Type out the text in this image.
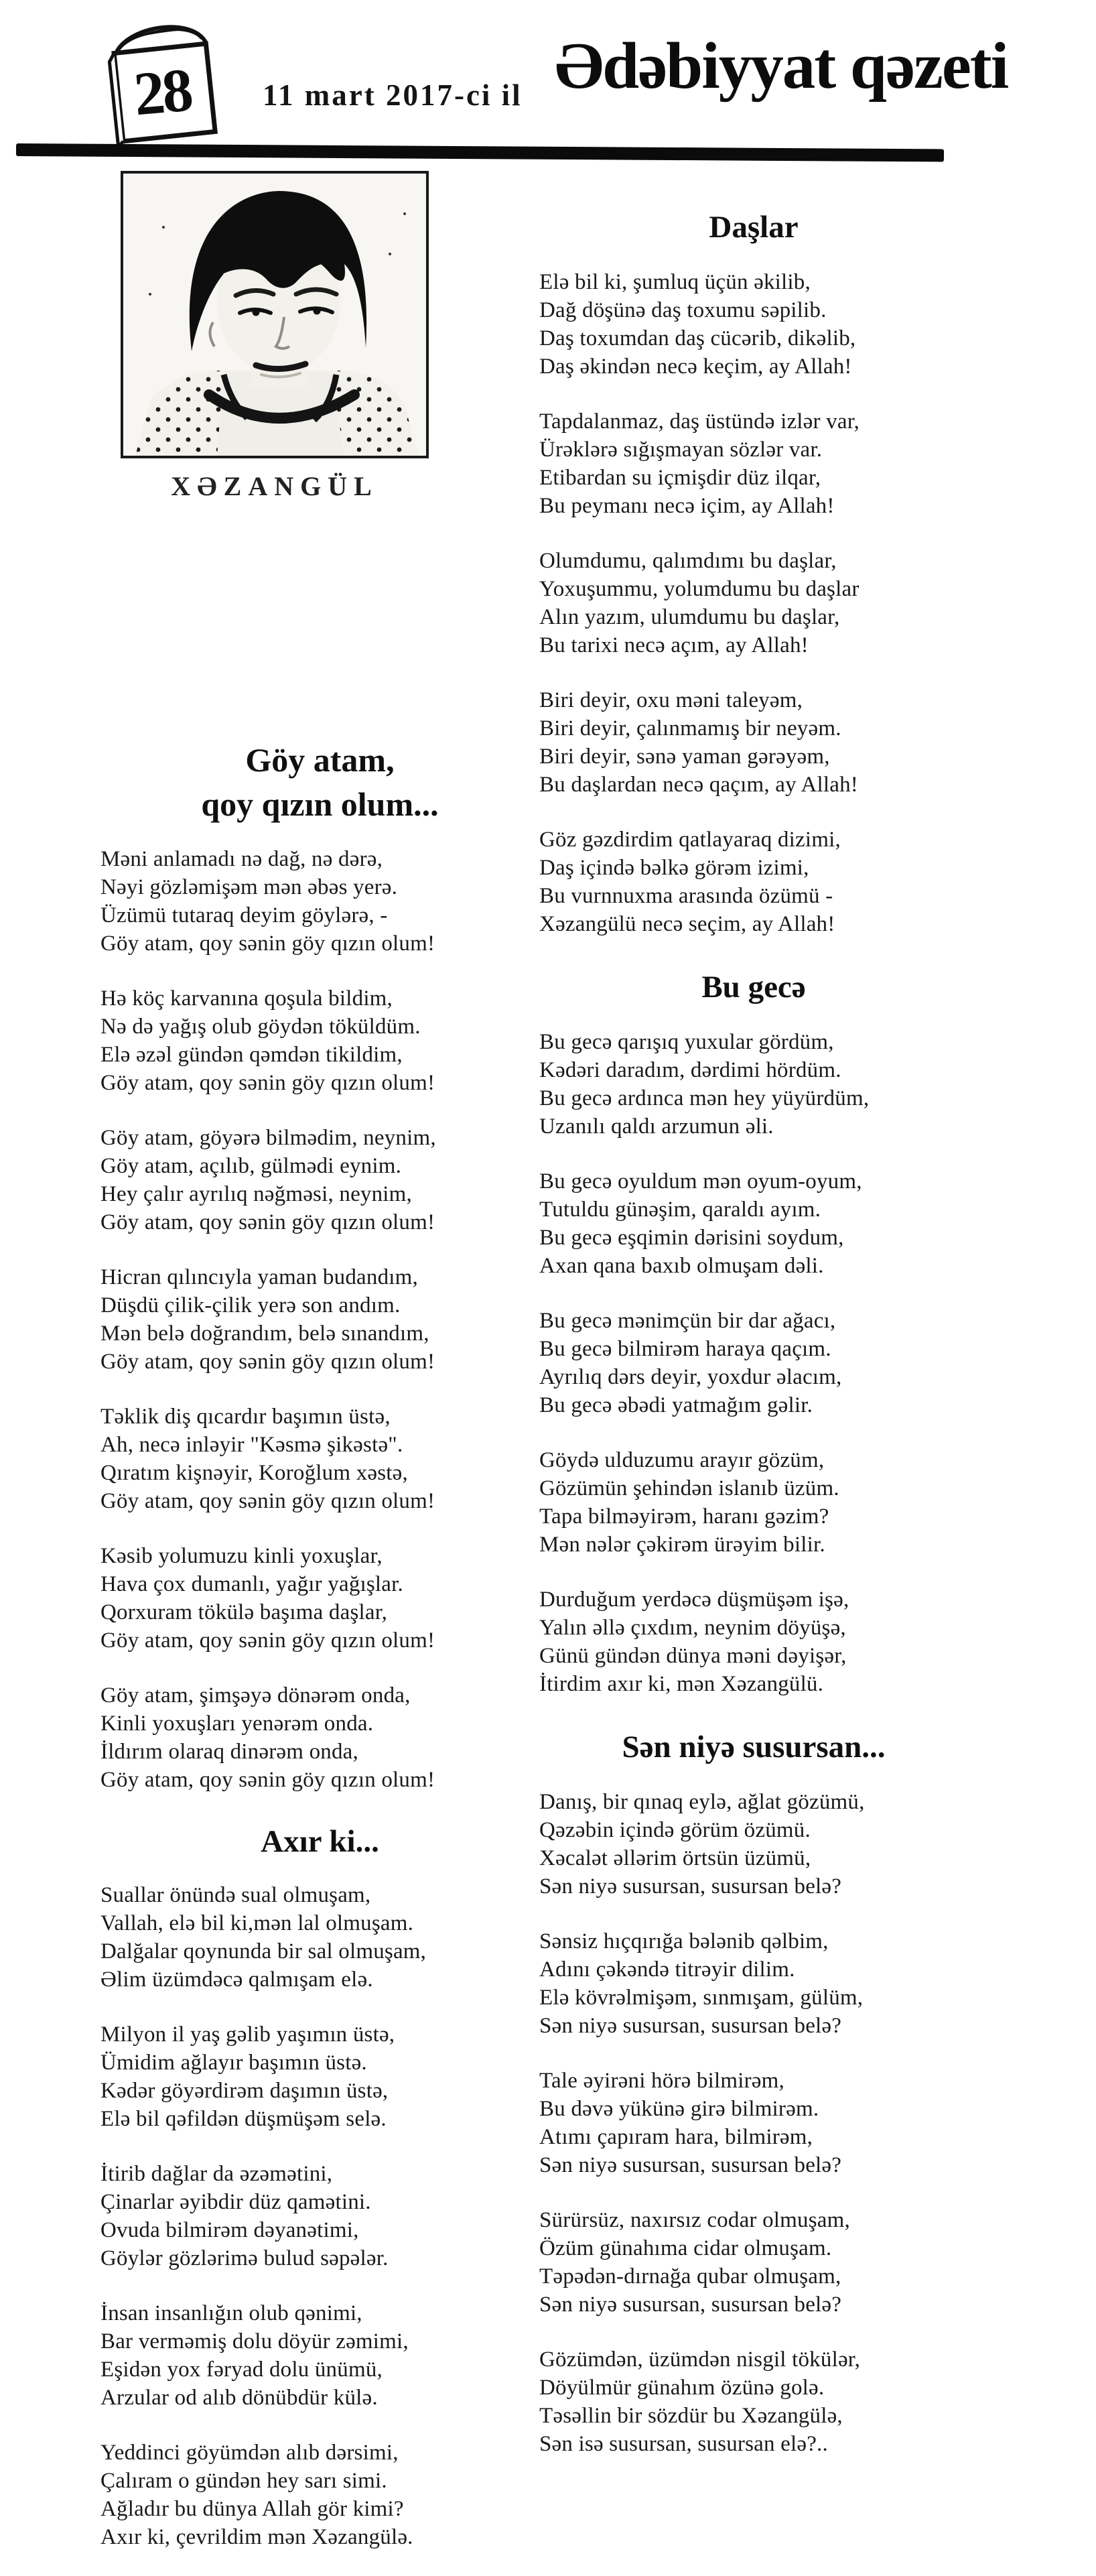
28 11 mart 2017-ci il Ədəbiyyat qəzeti
XƏZANGÜL
Göy atam,
qoy qızın olum...
Məni anlamadı nə dağ, nə dərə,
Nəyi gözləmişəm mən əbəs yerə.
Üzümü tutaraq deyim göylərə, -
Göy atam, qoy sənin göy qızın olum!
Hə köç karvanına qoşula bildim,
Nə də yağış olub göydən töküldüm.
Elə əzəl gündən qəmdən tikildim,
Göy atam, qoy sənin göy qızın olum!
Göy atam, göyərə bilmədim, neynim,
Göy atam, açılıb, gülmədi eynim.
Hey çalır ayrılıq nəğməsi, neynim,
Göy atam, qoy sənin göy qızın olum!
Hicran qılıncıyla yaman budandım,
Düşdü çilik-çilik yerə son andım.
Mən belə doğrandım, belə sınandım,
Göy atam, qoy sənin göy qızın olum!
Təklik diş qıcardır başımın üstə,
Ah, necə inləyir "Kəsmə şikəstə".
Qıratım kişnəyir, Koroğlum xəstə,
Göy atam, qoy sənin göy qızın olum!
Kəsib yolumuzu kinli yoxuşlar,
Hava çox dumanlı, yağır yağışlar.
Qorxuram tökülə başıma daşlar,
Göy atam, qoy sənin göy qızın olum!
Göy atam, şimşəyə dönərəm onda,
Kinli yoxuşları yenərəm onda.
İldırım olaraq dinərəm onda,
Göy atam, qoy sənin göy qızın olum!
Axır ki...
Suallar önündə sual olmuşam,
Vallah, elə bil ki,mən lal olmuşam.
Dalğalar qoynunda bir sal olmuşam,
Əlim üzümdəcə qalmışam elə.
Milyon il yaş gəlib yaşımın üstə,
Ümidim ağlayır başımın üstə.
Kədər göyərdirəm daşımın üstə,
Elə bil qəfildən düşmüşəm selə.
İtirib dağlar da əzəmətini,
Çinarlar əyibdir düz qamətini.
Ovuda bilmirəm dəyanətimi,
Göylər gözlərimə bulud səpələr.
İnsan insanlığın olub qənimi,
Bar verməmiş dolu döyür zəmimi,
Eşidən yox fəryad dolu ünümü,
Arzular od alıb dönübdür külə.
Yeddinci göyümdən alıb dərsimi,
Çalıram o gündən hey sarı simi.
Ağladır bu dünya Allah gör kimi?
Axır ki, çevrildim mən Xəzangülə.
Daşlar
Elə bil ki, şumluq üçün əkilib,
Dağ döşünə daş toxumu səpilib.
Daş toxumdan daş cücərib, dikəlib,
Daş əkindən necə keçim, ay Allah!
Tapdalanmaz, daş üstündə izlər var,
Ürəklərə sığışmayan sözlər var.
Etibardan su içmişdir düz ilqar,
Bu peymanı necə içim, ay Allah!
Olumdumu, qalımdımı bu daşlar,
Yoxuşummu, yolumdumu bu daşlar
Alın yazım, ulumdumu bu daşlar,
Bu tarixi necə açım, ay Allah!
Biri deyir, oxu məni taleyəm,
Biri deyir, çalınmamış bir neyəm.
Biri deyir, sənə yaman gərəyəm,
Bu daşlardan necə qaçım, ay Allah!
Göz gəzdirdim qatlayaraq dizimi,
Daş içində bəlkə görəm izimi,
Bu vurnnuxma arasında özümü -
Xəzangülü necə seçim, ay Allah!
Bu gecə
Bu gecə qarışıq yuxular gördüm,
Kədəri daradım, dərdimi hördüm.
Bu gecə ardınca mən hey yüyürdüm,
Uzanılı qaldı arzumun əli.
Bu gecə oyuldum mən oyum-oyum,
Tutuldu günəşim, qaraldı ayım.
Bu gecə eşqimin dərisini soydum,
Axan qana baxıb olmuşam dəli.
Bu gecə mənimçün bir dar ağacı,
Bu gecə bilmirəm haraya qaçım.
Ayrılıq dərs deyir, yoxdur əlacım,
Bu gecə əbədi yatmağım gəlir.
Göydə ulduzumu arayır gözüm,
Gözümün şehindən islanıb üzüm.
Tapa bilməyirəm, haranı gəzim?
Mən nələr çəkirəm ürəyim bilir.
Durduğum yerdəcə düşmüşəm işə,
Yalın əllə çıxdım, neynim döyüşə,
Günü gündən dünya məni dəyişər,
İtirdim axır ki, mən Xəzangülü.
Sən niyə susursan...
Danış, bir qınaq eylə, ağlat gözümü,
Qəzəbin içində görüm özümü.
Xəcalət əllərim örtsün üzümü,
Sən niyə susursan, susursan belə?
Sənsiz hıçqırığa bələnib qəlbim,
Adını çəkəndə titrəyir dilim.
Elə kövrəlmişəm, sınmışam, gülüm,
Sən niyə susursan, susursan belə?
Tale əyirəni hörə bilmirəm,
Bu dəvə yükünə girə bilmirəm.
Atımı çapıram hara, bilmirəm,
Sən niyə susursan, susursan belə?
Sürürsüz, naxırsız codar olmuşam,
Özüm günahıma cidar olmuşam.
Təpədən-dırnağa qubar olmuşam,
Sən niyə susursan, susursan belə?
Gözümdən, üzümdən nisgil tökülər,
Döyülmür günahım özünə golə.
Təsəllin bir sözdür bu Xəzangülə,
Sən isə susursan, susursan elə?..
